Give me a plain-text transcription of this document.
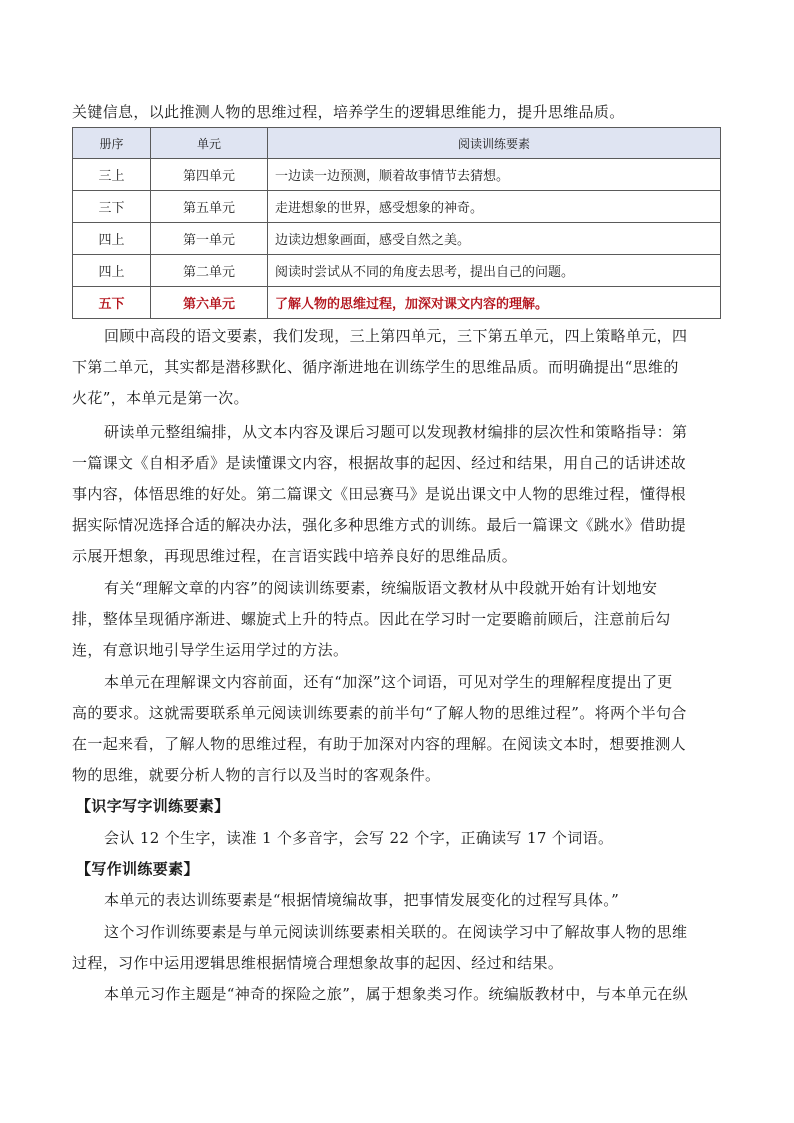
关键信息，以此推测人物的思维过程，培养学生的逻辑思维能力，提升思维品质。
册序	单元	阅读训练要素
三上	第四单元	一边读一边预测，顺着故事情节去猜想。
三下	第五单元	走进想象的世界，感受想象的神奇。
四上	第一单元	边读边想象画面，感受自然之美。
四上	第二单元	阅读时尝试从不同的角度去思考，提出自己的问题。
五下	第六单元	了解人物的思维过程，加深对课文内容的理解。
回顾中高段的语文要素，我们发现，三上第四单元，三下第五单元，四上策略单元，四
下第二单元，其实都是潜移默化、循序渐进地在训练学生的思维品质。而明确提出“思维的
火花”，本单元是第一次。
研读单元整组编排，从文本内容及课后习题可以发现教材编排的层次性和策略指导：第
一篇课文《自相矛盾》是读懂课文内容，根据故事的起因、经过和结果，用自己的话讲述故
事内容，体悟思维的好处。第二篇课文《田忌赛马》是说出课文中人物的思维过程，懂得根
据实际情况选择合适的解决办法，强化多种思维方式的训练。最后一篇课文《跳水》借助提
示展开想象，再现思维过程，在言语实践中培养良好的思维品质。
有关“理解文章的内容”的阅读训练要素，统编版语文教材从中段就开始有计划地安
排，整体呈现循序渐进、螺旋式上升的特点。因此在学习时一定要瞻前顾后，注意前后勾
连，有意识地引导学生运用学过的方法。
本单元在理解课文内容前面，还有“加深”这个词语，可见对学生的理解程度提出了更
高的要求。这就需要联系单元阅读训练要素的前半句“了解人物的思维过程”。将两个半句合
在一起来看，了解人物的思维过程，有助于加深对内容的理解。在阅读文本时，想要推测人
物的思维，就要分析人物的言行以及当时的客观条件。
【识字写字训练要素】
会认 12 个生字，读准 1 个多音字，会写 22 个字，正确读写 17 个词语。
【写作训练要素】
本单元的表达训练要素是“根据情境编故事，把事情发展变化的过程写具体。”
这个习作训练要素是与单元阅读训练要素相关联的。在阅读学习中了解故事人物的思维
过程，习作中运用逻辑思维根据情境合理想象故事的起因、经过和结果。
本单元习作主题是“神奇的探险之旅”，属于想象类习作。统编版教材中，与本单元在纵
